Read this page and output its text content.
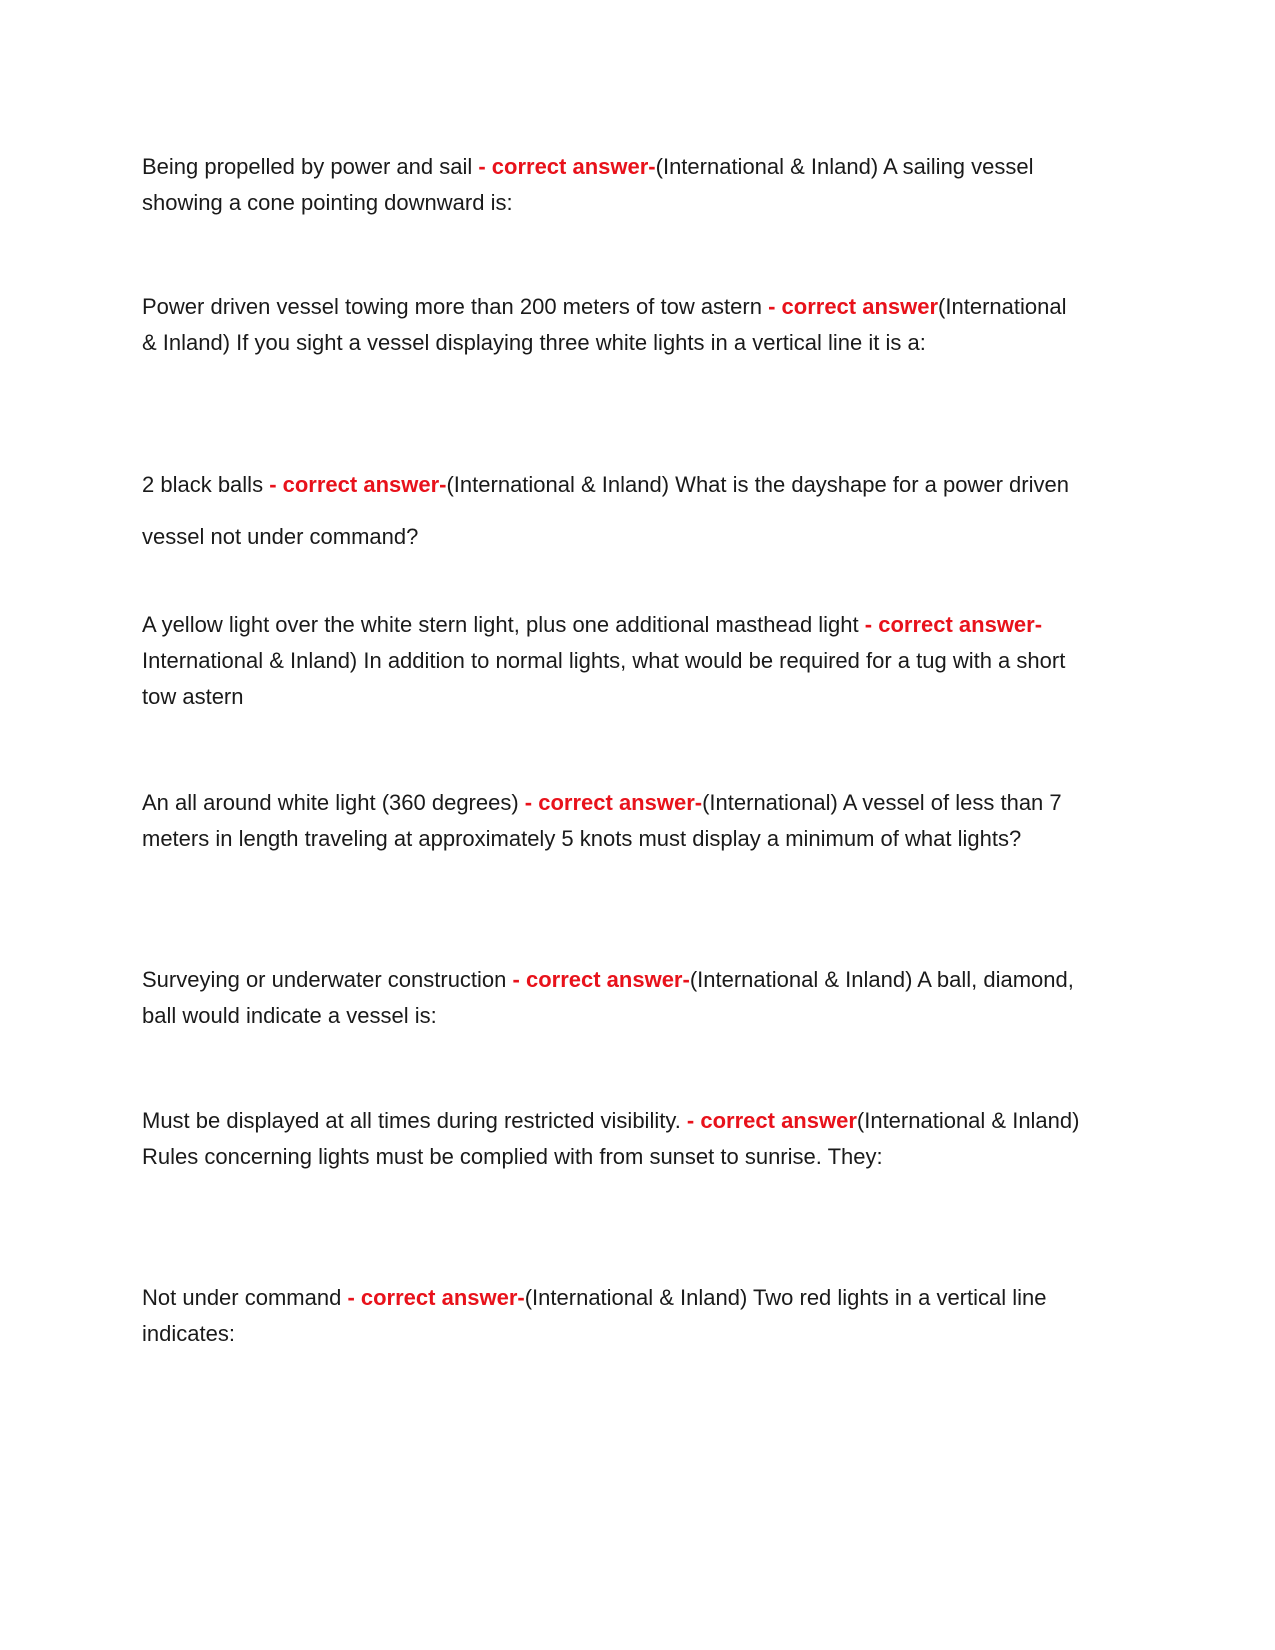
Being propelled by power and sail - correct answer-(International & Inland) A sailing vessel showing a cone pointing downward is:
Power driven vessel towing more than 200 meters of tow astern - correct answer(International & Inland) If you sight a vessel displaying three white lights in a vertical line it is a:
2 black balls - correct answer-(International & Inland) What is the dayshape for a power driven vessel not under command?
A yellow light over the white stern light, plus one additional masthead light - correct answer-International & Inland) In addition to normal lights, what would be required for a tug with a short tow astern
An all around white light (360 degrees) - correct answer-(International) A vessel of less than 7 meters in length traveling at approximately 5 knots must display a minimum of what lights?
Surveying or underwater construction - correct answer-(International & Inland) A ball, diamond, ball would indicate a vessel is:
Must be displayed at all times during restricted visibility. - correct answer(International & Inland) Rules concerning lights must be complied with from sunset to sunrise. They:
Not under command - correct answer-(International & Inland) Two red lights in a vertical line indicates:
